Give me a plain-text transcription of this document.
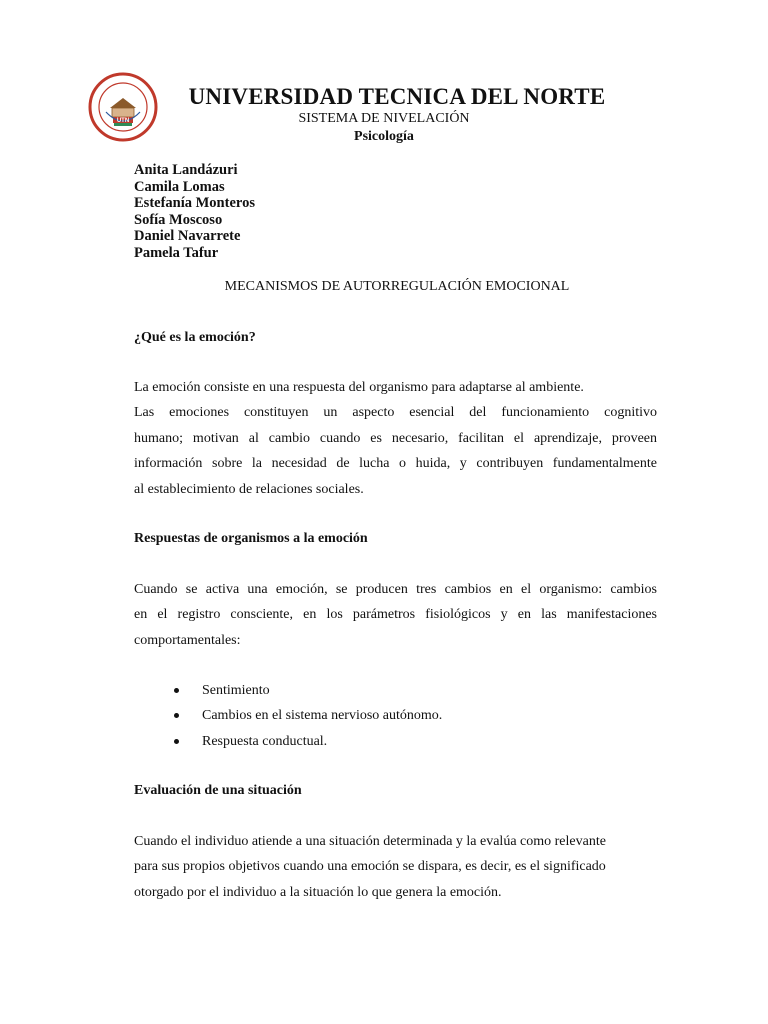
UTN
UNIVERSIDAD TECNICA DEL NORTE

SISTEMA DE NIVELACIÓN

Psicología

Anita Landázuri
Camila Lomas
Estefanía Monteros
Sofía Moscoso
Daniel Navarrete
Pamela Tafur
MECANISMOS DE AUTORREGULACIÓN EMOCIONAL
¿Qué es la emoción?
La emoción consiste en una respuesta del organismo para adaptarse al ambiente.
Las emociones constituyen un aspecto esencial del funcionamiento cognitivo
humano; motivan al cambio cuando es necesario, facilitan el aprendizaje, proveen
información sobre la necesidad de lucha o huida, y contribuyen fundamentalmente
al establecimiento de relaciones sociales.
Respuestas de organismos a la emoción
Cuando se activa una emoción, se producen tres cambios en el organismo: cambios
en el registro consciente, en los parámetros fisiológicos y en las manifestaciones
comportamentales:
Sentimiento
Cambios en el sistema nervioso autónomo.
Respuesta conductual.
Evaluación de una situación
Cuando el individuo atiende a una situación determinada y la evalúa como relevante
para sus propios objetivos cuando una emoción se dispara, es decir, es el significado
otorgado por el individuo a la situación lo que genera la emoción.
